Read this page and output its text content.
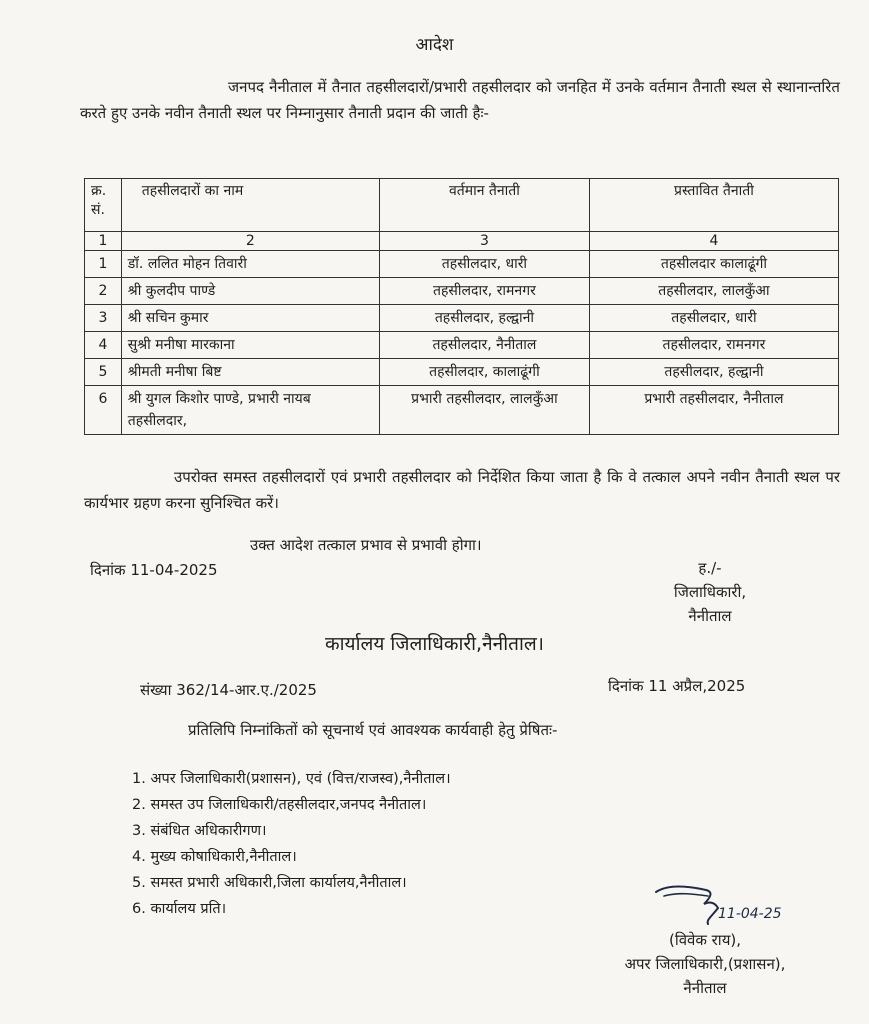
आदेश
जनपद नैनीताल में तैनात तहसीलदारों/प्रभारी तहसीलदार को जनहित में उनके वर्तमान तैनाती स्थल से स्थानान्तरित करते हुए उनके नवीन तैनाती स्थल पर निम्नानुसार तैनाती प्रदान की जाती हैः-
क्र. सं.	तहसीलदारों का नाम	वर्तमान तैनाती	प्रस्तावित तैनाती
1	2	3	4
1	डॉ. ललित मोहन तिवारी	तहसीलदार, धारी	तहसीलदार कालाढूंगी
2	श्री कुलदीप पाण्डे	तहसीलदार, रामनगर	तहसीलदार, लालकुँआ
3	श्री सचिन कुमार	तहसीलदार, हल्द्वानी	तहसीलदार, धारी
4	सुश्री मनीषा मारकाना	तहसीलदार, नैनीताल	तहसीलदार, रामनगर
5	श्रीमती मनीषा बिष्ट	तहसीलदार, कालाढूंगी	तहसीलदार, हल्द्वानी
6	श्री युगल किशोर पाण्डे, प्रभारी नायब तहसीलदार,	प्रभारी तहसीलदार, लालकुँआ	प्रभारी तहसीलदार, नैनीताल
उपरोक्त समस्त तहसीलदारों एवं प्रभारी तहसीलदार को निर्देशित किया जाता है कि वे तत्काल अपने नवीन तैनाती स्थल पर कार्यभार ग्रहण करना सुनिश्चित करें।
उक्त आदेश तत्काल प्रभाव से प्रभावी होगा।
दिनांक 11-04-2025	ह./-
जिलाधिकारी,
नैनीताल
कार्यालय जिलाधिकारी,नैनीताल।
संख्या 362/14-आर.ए./2025	दिनांक 11 अप्रैल,2025
प्रतिलिपि निम्नांकितों को सूचनार्थ एवं आवश्यक कार्यवाही हेतु प्रेषितः-
1. अपर जिलाधिकारी(प्रशासन), एवं (वित्त/राजस्व),नैनीताल।
2. समस्त उप जिलाधिकारी/तहसीलदार,जनपद नैनीताल।
3. संबंधित अधिकारीगण।
4. मुख्य कोषाधिकारी,नैनीताल।
5. समस्त प्रभारी अधिकारी,जिला कार्यालय,नैनीताल।
6. कार्यालय प्रति।	11-04-25
(विवेक राय),
अपर जिलाधिकारी,(प्रशासन),
नैनीताल
